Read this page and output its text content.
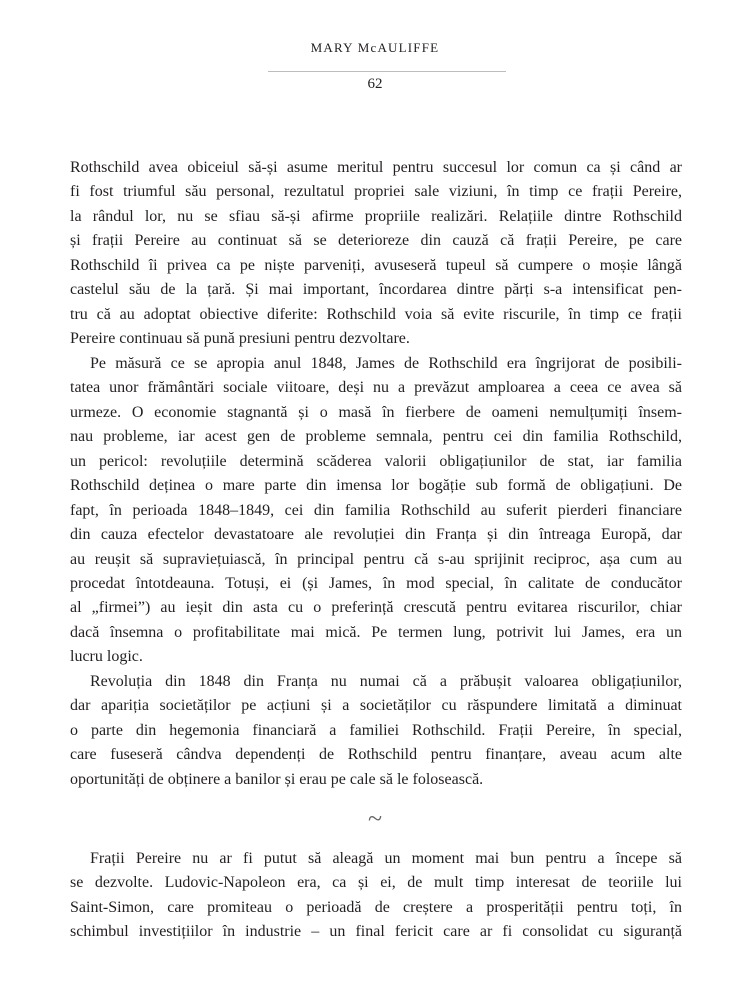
MARY McAULIFFE
62
Rothschild avea obiceiul să-și asume meritul pentru succesul lor comun ca și când ar
fi fost triumful său personal, rezultatul propriei sale viziuni, în timp ce frații Pereire,
la rândul lor, nu se sfiau să-și afirme propriile realizări. Relațiile dintre Rothschild
și frații Pereire au continuat să se deterioreze din cauză că frații Pereire, pe care
Rothschild îi privea ca pe niște parveniți, avuseseră tupeul să cumpere o moșie lângă
castelul său de la țară. Și mai important, încordarea dintre părți s-a intensificat pen-
tru că au adoptat obiective diferite: Rothschild voia să evite riscurile, în timp ce frații
Pereire continuau să pună presiuni pentru dezvoltare.
Pe măsură ce se apropia anul 1848, James de Rothschild era îngrijorat de posibili-
tatea unor frământări sociale viitoare, deși nu a prevăzut amploarea a ceea ce avea să
urmeze. O economie stagnantă și o masă în fierbere de oameni nemulțumiți însem-
nau probleme, iar acest gen de probleme semnala, pentru cei din familia Rothschild,
un pericol: revoluțiile determină scăderea valorii obligațiunilor de stat, iar familia
Rothschild deținea o mare parte din imensa lor bogăție sub formă de obligațiuni. De
fapt, în perioada 1848–1849, cei din familia Rothschild au suferit pierderi financiare
din cauza efectelor devastatoare ale revoluției din Franța și din întreaga Europă, dar
au reușit să supraviețuiască, în principal pentru că s-au sprijinit reciproc, așa cum au
procedat întotdeauna. Totuși, ei (și James, în mod special, în calitate de conducător
al „firmei”) au ieșit din asta cu o preferință crescută pentru evitarea riscurilor, chiar
dacă însemna o profitabilitate mai mică. Pe termen lung, potrivit lui James, era un
lucru logic.
Revoluția din 1848 din Franța nu numai că a prăbușit valoarea obligațiunilor,
dar apariția societăților pe acțiuni și a societăților cu răspundere limitată a diminuat
o parte din hegemonia financiară a familiei Rothschild. Frații Pereire, în special,
care fuseseră cândva dependenți de Rothschild pentru finanțare, aveau acum alte
oportunități de obținere a banilor și erau pe cale să le folosească.
~
Frații Pereire nu ar fi putut să aleagă un moment mai bun pentru a începe să
se dezvolte. Ludovic-Napoleon era, ca și ei, de mult timp interesat de teoriile lui
Saint-Simon, care promiteau o perioadă de creștere a prosperității pentru toți, în
schimbul investițiilor în industrie – un final fericit care ar fi consolidat cu siguranță
